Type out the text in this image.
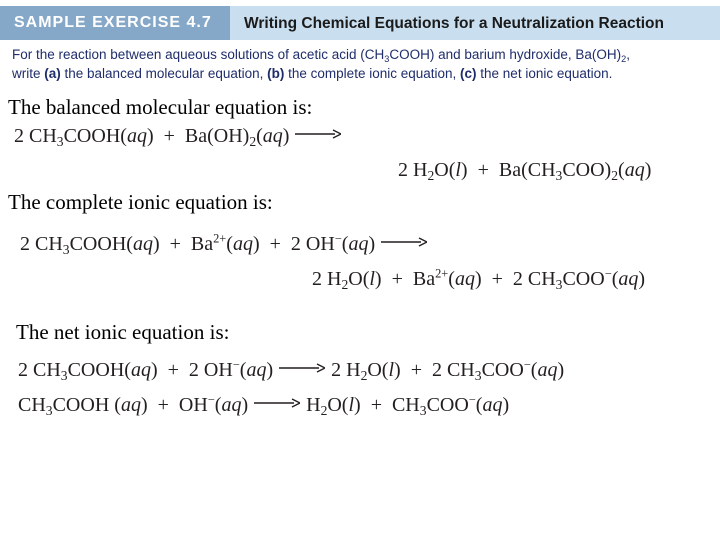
SAMPLE EXERCISE 4.7 Writing Chemical Equations for a Neutralization Reaction
For the reaction between aqueous solutions of acetic acid $(CH_3COOH)$ and barium hydroxide, $Ba(OH)_2$,
write (a) the balanced molecular equation, (b) the complete ionic equation, (c) the net ionic equation.
The balanced molecular equation is:
2 $CH_3COOH(aq) + Ba(OH)_2(aq)$ →
2 $H_2O(l) + Ba(CH_3COO)_2(aq)$
The complete ionic equation is:
2 $CH_3COOH(aq) + Ba^{2+}(aq) + 2$ OH−(aq) →
2 $H_2O(l) + Ba^{2+}(aq) + 2$ $CH_3COO^-(aq)$
The net ionic equation is:
2 $CH_3COOH(aq) + 2$ OH−(aq) → 2 $H_2O(l) + 2$ $CH_3COO^-(aq)$
$CH_3COOH$ $(aq) + OH^-(aq) \to H_2O(l) + CH_3COO^-(aq)$
